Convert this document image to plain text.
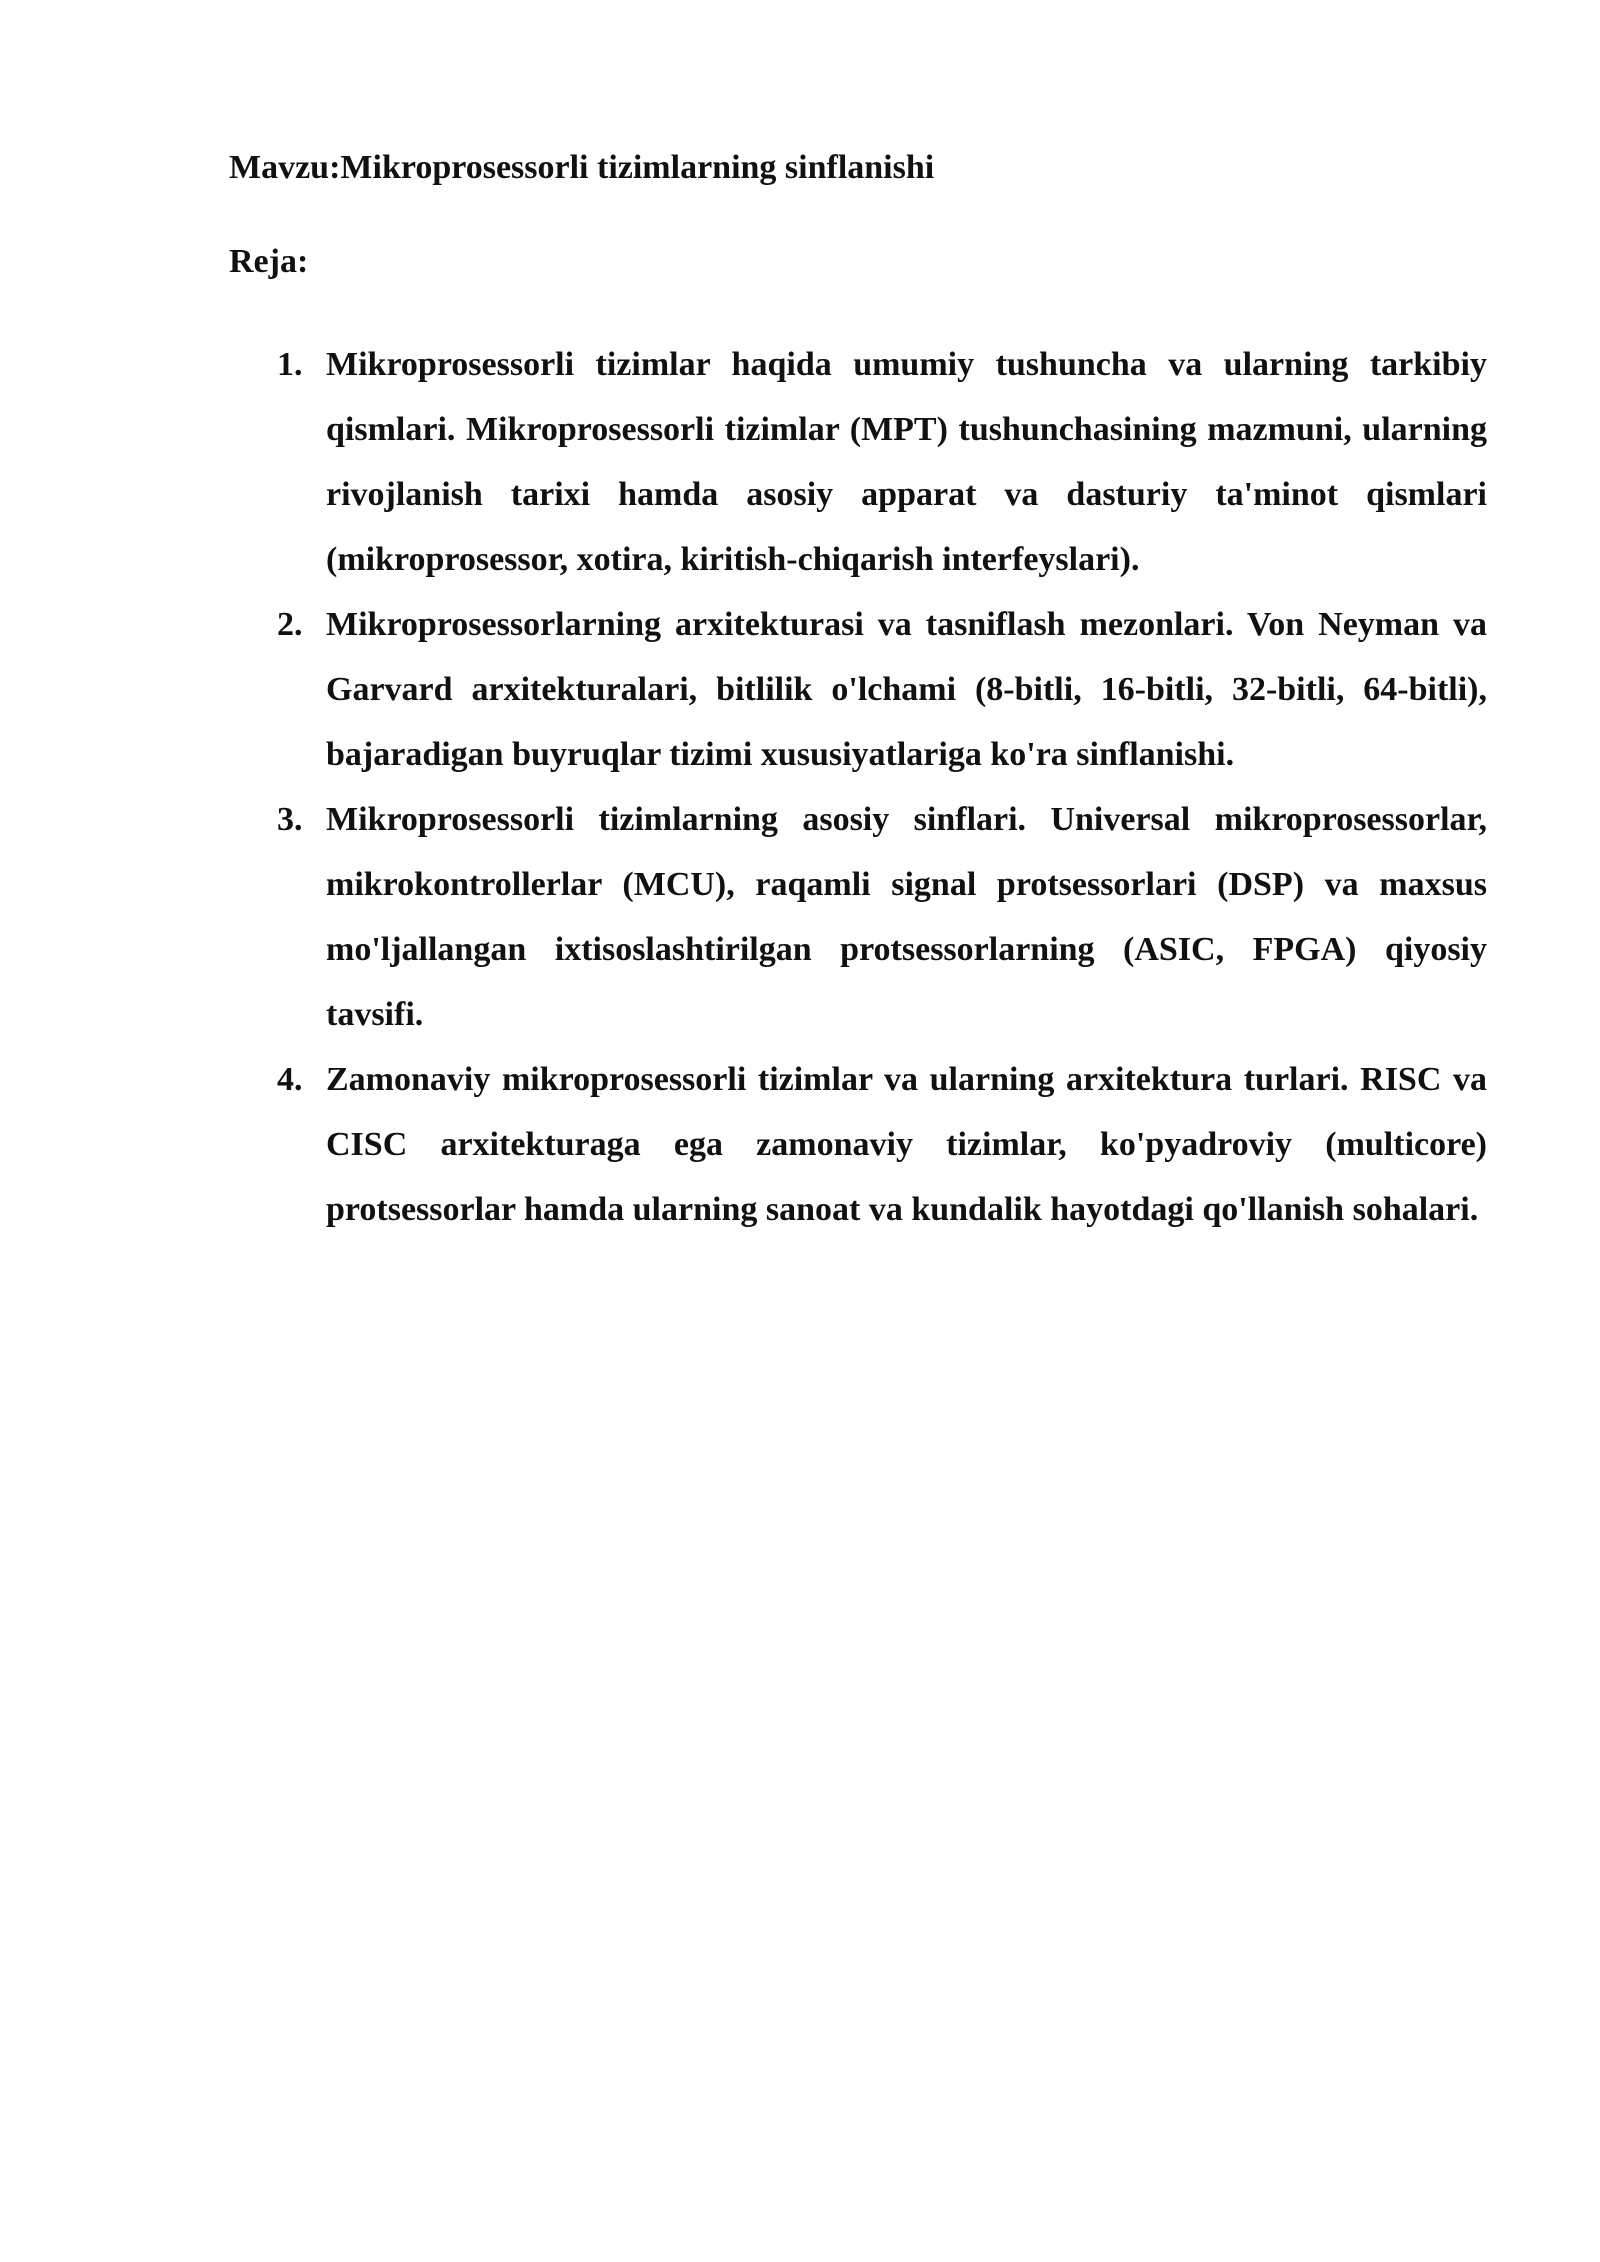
Mavzu:Mikroprosessorli tizimlarning sinflanishi

Reja:

1. Mikroprosessorli tizimlar haqida umumiy tushuncha va ularning tarkibiy qismlari. Mikroprosessorli tizimlar (MPT) tushunchasining mazmuni, ularning rivojlanish tarixi hamda asosiy apparat va dasturiy ta'minot qismlari (mikroprosessor, xotira, kiritish-chiqarish interfeyslari).
2. Mikroprosessorlarning arxitekturasi va tasniflash mezonlari. Von Neyman va Garvard arxitekturalari, bitlilik o'lchami (8-bitli, 16-bitli, 32-bitli, 64-bitli), bajaradigan buyruqlar tizimi xususiyatlariga ko'ra sinflanishi.
3. Mikroprosessorli tizimlarning asosiy sinflari. Universal mikroprosessorlar, mikrokontrollerlar (MCU), raqamli signal protsessorlari (DSP) va maxsus mo'ljallangan ixtisoslashtirilgan protsessorlarning (ASIC, FPGA) qiyosiy tavsifi.
4. Zamonaviy mikroprosessorli tizimlar va ularning arxitektura turlari. RISC va CISC arxitekturaga ega zamonaviy tizimlar, ko'pyadroviy (multicore) protsessorlar hamda ularning sanoat va kundalik hayotdagi qo'llanish sohalari.
